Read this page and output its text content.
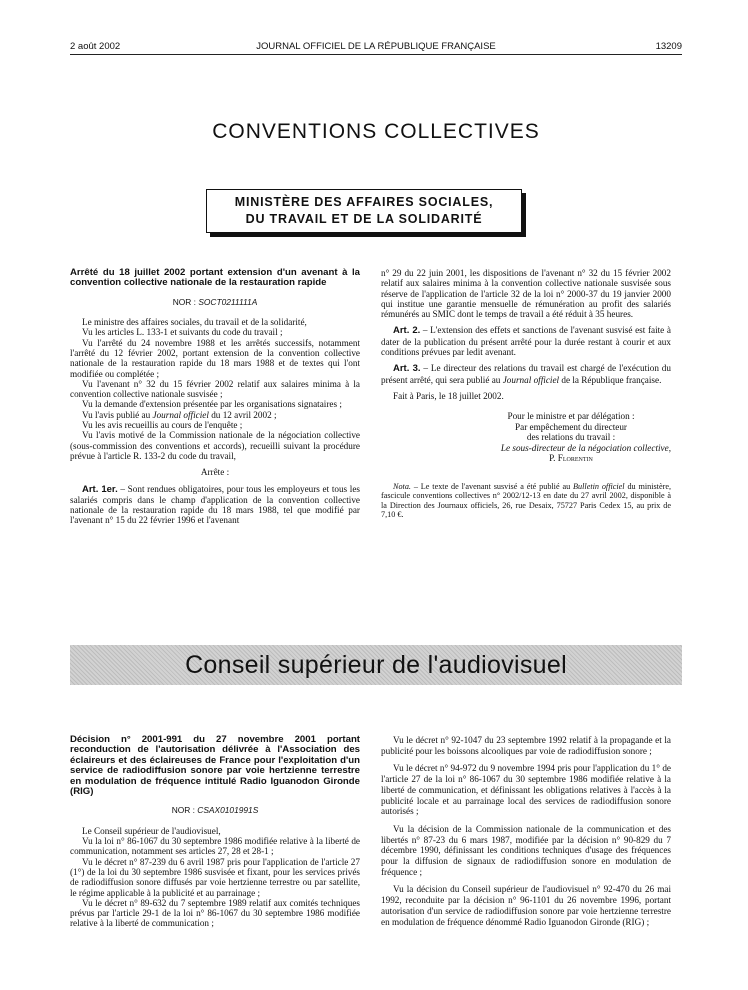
2 août 2002	JOURNAL OFFICIEL DE LA RÉPUBLIQUE FRANÇAISE	13209
CONVENTIONS COLLECTIVES
MINISTÈRE DES AFFAIRES SOCIALES,
DU TRAVAIL ET DE LA SOLIDARITÉ

Arrêté du 18 juillet 2002 portant extension d'un avenant à la convention collective nationale de la restauration rapide

NOR : SOCT0211111A

Le ministre des affaires sociales, du travail et de la solidarité,

Vu les articles L. 133-1 et suivants du code du travail ;

Vu l'arrêté du 24 novembre 1988 et les arrêtés successifs, notamment l'arrêté du 12 février 2002, portant extension de la convention collective nationale de la restauration rapide du 18 mars 1988 et de textes qui l'ont modifiée ou complétée ;

Vu l'avenant n° 32 du 15 février 2002 relatif aux salaires minima à la convention collective nationale susvisée ;

Vu la demande d'extension présentée par les organisations signataires ;

Vu l'avis publié au Journal officiel du 12 avril 2002 ;

Vu les avis recueillis au cours de l'enquête ;

Vu l'avis motivé de la Commission nationale de la négociation collective (sous-commission des conventions et accords), recueilli suivant la procédure prévue à l'article R. 133-2 du code du travail,

Arrête :

Art. 1er. – Sont rendues obligatoires, pour tous les employeurs et tous les salariés compris dans le champ d'application de la convention collective nationale de la restauration rapide du 18 mars 1988, tel que modifié par l'avenant n° 15 du 22 février 1996 et l'avenant

n° 29 du 22 juin 2001, les dispositions de l'avenant n° 32 du 15 février 2002 relatif aux salaires minima à la convention collective nationale susvisée sous réserve de l'application de l'article 32 de la loi n° 2000-37 du 19 janvier 2000 qui institue une garantie mensuelle de rémunération au profit des salariés rémunérés au SMIC dont le temps de travail a été réduit à 35 heures.

Art. 2. – L'extension des effets et sanctions de l'avenant susvisé est faite à dater de la publication du présent arrêté pour la durée restant à courir et aux conditions prévues par ledit avenant.

Art. 3. – Le directeur des relations du travail est chargé de l'exécution du présent arrêté, qui sera publié au Journal officiel de la République française.

Fait à Paris, le 18 juillet 2002.

Pour le ministre et par délégation :

Par empêchement du directeur

des relations du travail :

Le sous-directeur de la négociation collective,

P. Florentin

Nota. – Le texte de l'avenant susvisé a été publié au Bulletin officiel du ministère, fascicule conventions collectives n° 2002/12-13 en date du 27 avril 2002, disponible à la Direction des Journaux officiels, 26, rue Desaix, 75727 Paris Cedex 15, au prix de 7,10 €.

Conseil supérieur de l'audiovisuel

Décision n° 2001-991 du 27 novembre 2001 portant reconduction de l'autorisation délivrée à l'Association des éclaireurs et des éclaireuses de France pour l'exploitation d'un service de radiodiffusion sonore par voie hertzienne terrestre en modulation de fréquence intitulé Radio Iguanodon Gironde (RIG)

NOR : CSAX0101991S

Le Conseil supérieur de l'audiovisuel,

Vu la loi n° 86-1067 du 30 septembre 1986 modifiée relative à la liberté de communication, notamment ses articles 27, 28 et 28-1 ;

Vu le décret n° 87-239 du 6 avril 1987 pris pour l'application de l'article 27 (1°) de la loi du 30 septembre 1986 susvisée et fixant, pour les services privés de radiodiffusion sonore diffusés par voie hertzienne terrestre ou par satellite, le régime applicable à la publicité et au parrainage ;

Vu le décret n° 89-632 du 7 septembre 1989 relatif aux comités techniques prévus par l'article 29-1 de la loi n° 86-1067 du 30 septembre 1986 modifiée relative à la liberté de communication ;

Vu le décret n° 92-1047 du 23 septembre 1992 relatif à la propagande et la publicité pour les boissons alcooliques par voie de radiodiffusion sonore ;

Vu le décret n° 94-972 du 9 novembre 1994 pris pour l'application du 1° de l'article 27 de la loi n° 86-1067 du 30 septembre 1986 modifiée relative à la liberté de communication, et définissant les obligations relatives à l'accès à la publicité locale et au parrainage local des services de radiodiffusion sonore autorisés ;

Vu la décision de la Commission nationale de la communication et des libertés n° 87-23 du 6 mars 1987, modifiée par la décision n° 90-829 du 7 décembre 1990, définissant les conditions techniques d'usage des fréquences pour la diffusion de signaux de radiodiffusion sonore en modulation de fréquence ;

Vu la décision du Conseil supérieur de l'audiovisuel n° 92-470 du 26 mai 1992, reconduite par la décision n° 96-1101 du 26 novembre 1996, portant autorisation d'un service de radiodiffusion sonore par voie hertzienne terrestre en modulation de fréquence dénommé Radio Iguanodon Gironde (RIG) ;
